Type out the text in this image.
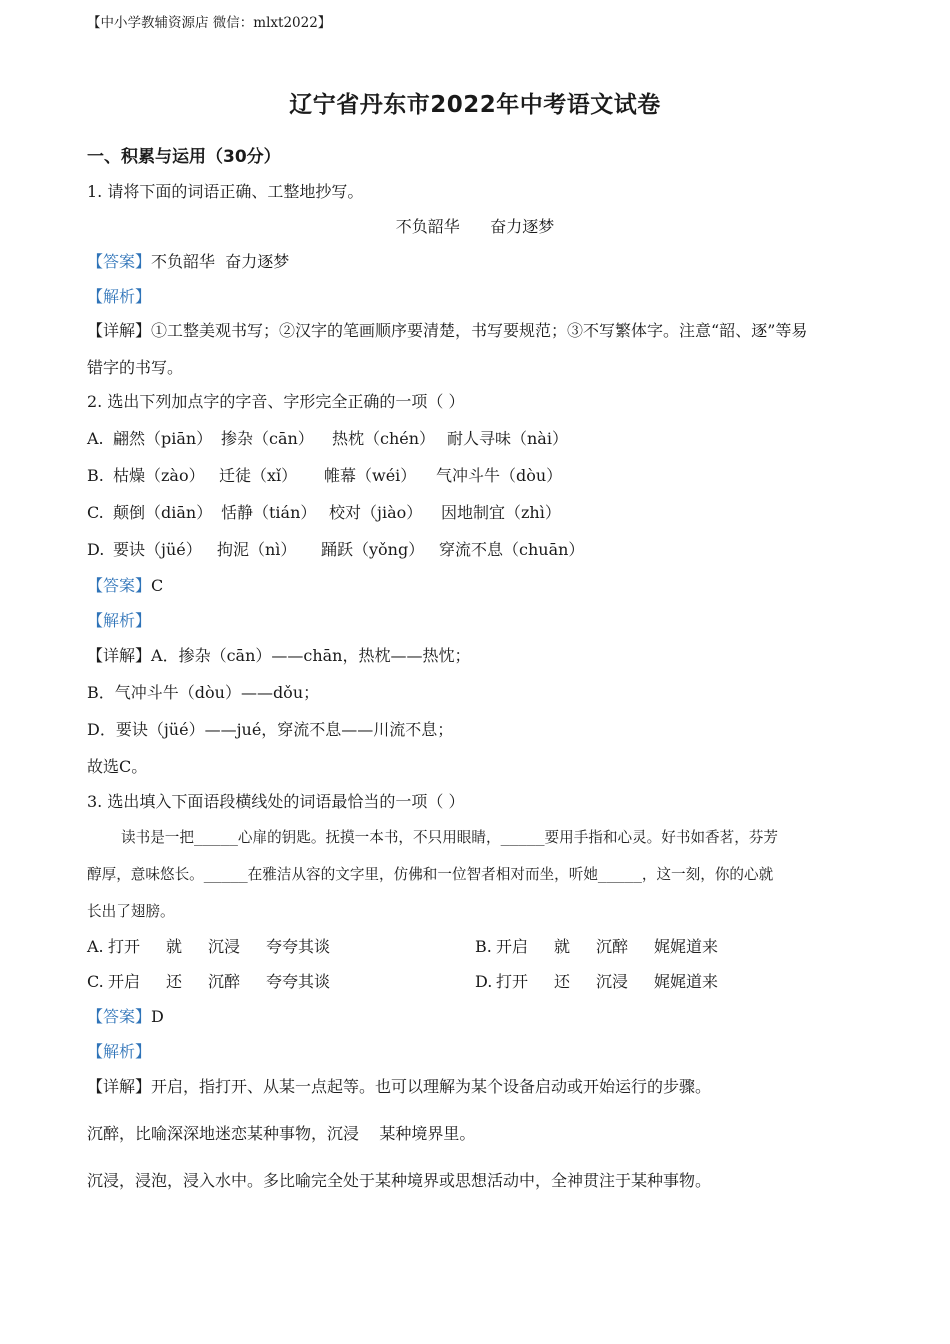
【中小学教辅资源店 微信：mlxt2022】
辽宁省丹东市2022年中考语文试卷
一、积累与运用（30分）
1. 请将下面的词语正确、工整地抄写。
不负韶华      奋力逐梦
【答案】不负韶华  奋力逐梦
【解析】
【详解】①工整美观书写；②汉字的笔画顺序要清楚，书写要规范；③不写繁体字。注意“韶、逐”等易
错字的书写。
2. 选出下列加点字的字音、字形完全正确的一项（ ）
A. 翩然（piān） 掺杂（cān） 热枕（chén） 耐人寻味（nài）
B. 枯燥（zào） 迁徒（xǐ） 帷幕（wéi） 气冲斗牛（dòu）
C. 颠倒（diān） 恬静（tián） 校对（jiào） 因地制宜（zhì）
D. 要诀（jüé） 拘泥（nì） 踊跃（yǒng） 穿流不息（chuān）
【答案】C
【解析】
【详解】A．掺杂（cān）——chān，热枕——热忱；
B．气冲斗牛（dòu）——dǒu；
D．要诀（jüé）——jué，穿流不息——川流不息；
故选C。
3. 选出填入下面语段横线处的词语最恰当的一项（ ）
读书是一把_____心扉的钥匙。抚摸一本书，不只用眼睛，_____要用手指和心灵。好书如香茗，芬芳
醇厚，意味悠长。_____在雅洁从容的文字里，仿佛和一位智者相对而坐，听她_____，这一刻，你的心就
长出了翅膀。
A. 打开 就 沉浸 夸夸其谈	B. 开启 就 沉醉 娓娓道来
C. 开启 还 沉醉 夸夸其谈	D. 打开 还 沉浸 娓娓道来
【答案】D
【解析】
【详解】开启，指打开、从某一点起等。也可以理解为某个设备启动或开始运行的步骤。
沉醉，比喻深深地迷恋某种事物，沉浸    某种境界里。
沉浸，浸泡，浸入水中。多比喻完全处于某种境界或思想活动中，全神贯注于某种事物。
